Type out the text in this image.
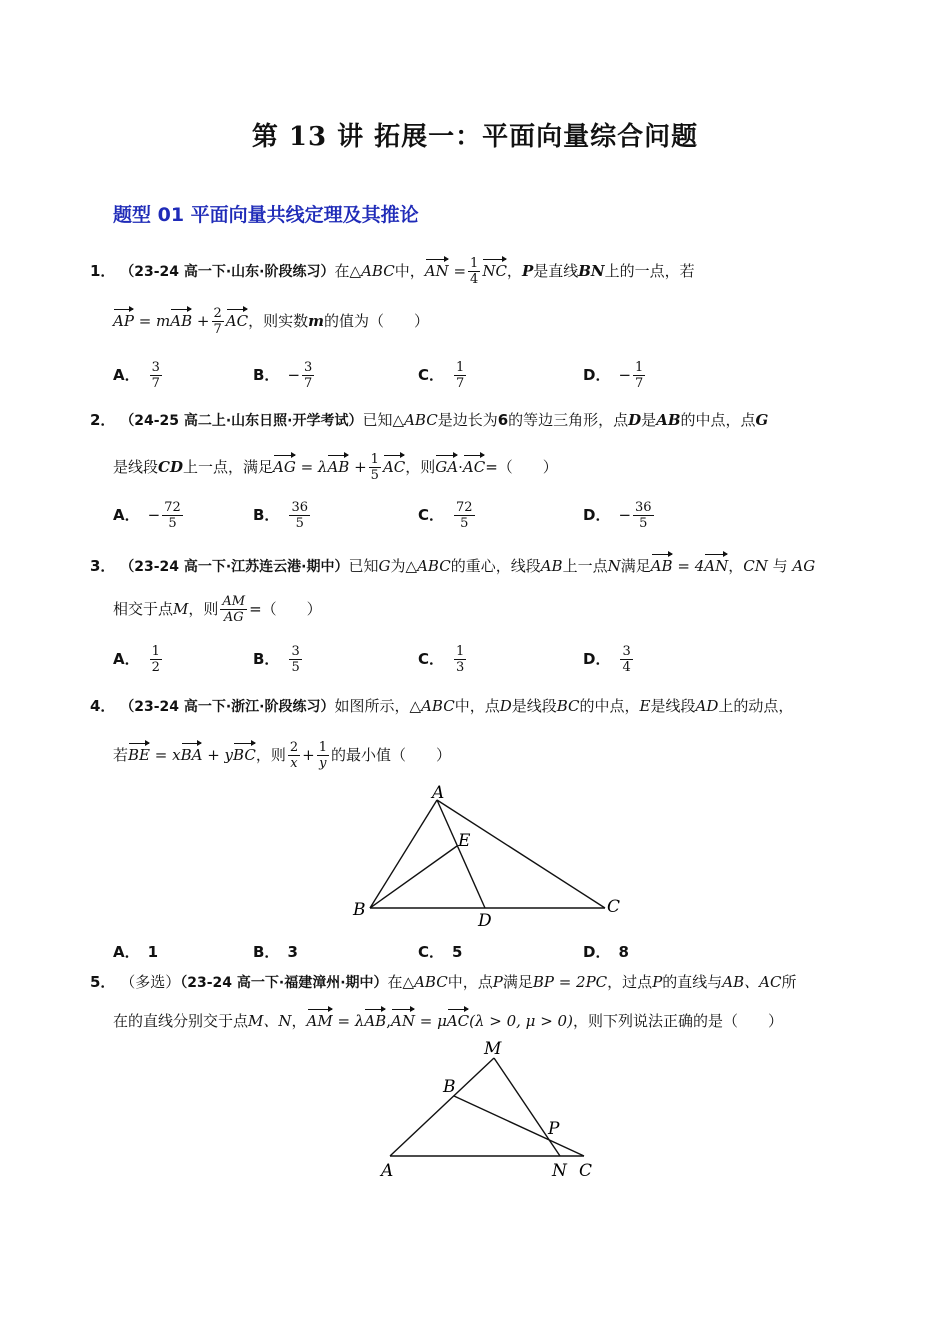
第 13 讲 拓展一：平面向量综合问题
题型 01 平面向量共线定理及其推论
1． （23-24 高一下·山东·阶段练习）在△ABC中，AN = $\frac{1}{4}$ NC，P是直线BN上的一点，若
AP = mAB + $\frac{2}{7}$ AC，则实数m的值为（　　）
A． $\frac{3}{7}$	B． − $\frac{3}{7}$	C． $\frac{1}{7}$	D． − $\frac{1}{7}$
2． （24-25 高二上·山东日照·开学考试）已知△ABC是边长为6的等边三角形，点D是AB的中点，点G
是线段CD上一点，满足AG = $\lambda AB + \frac{1}{5}$ AC，则GA·AC=（　　）
A． − $\frac{72}{5}$	B． $\frac{36}{5}$	C． $\frac{72}{5}$	D． − $\frac{36}{5}$
3． （23-24 高一下·江苏连云港·期中）已知G为△ABC的重心，线段AB上一点N满足AB = 4AN，CN 与 AG
相交于点M，则 $\frac{AM}{AG}$ =（　　）
A． $\frac{1}{2}$	B． $\frac{3}{5}$	C． $\frac{1}{3}$	D． $\frac{3}{4}$
4． （23-24 高一下·浙江·阶段练习）如图所示，△ABC中，点D是线段BC的中点，E是线段AD上的动点，
若BE = xBA + yBC，则 $\frac{2}{x} + \frac{1}{y}$ 的最小值（　　）
A
B	C
D
E
A． 1	B． 3	C． 5	D． 8
5． （多选）（23-24 高一下·福建漳州·期中）在△ABC中，点P满足BP = 2PC，过点P的直线与AB、AC所
在的直线分别交于点M、N，AM = λAB,AN = μAC(λ > 0, μ > 0)，则下列说法正确的是（　　）
M
B
P
A	N C
